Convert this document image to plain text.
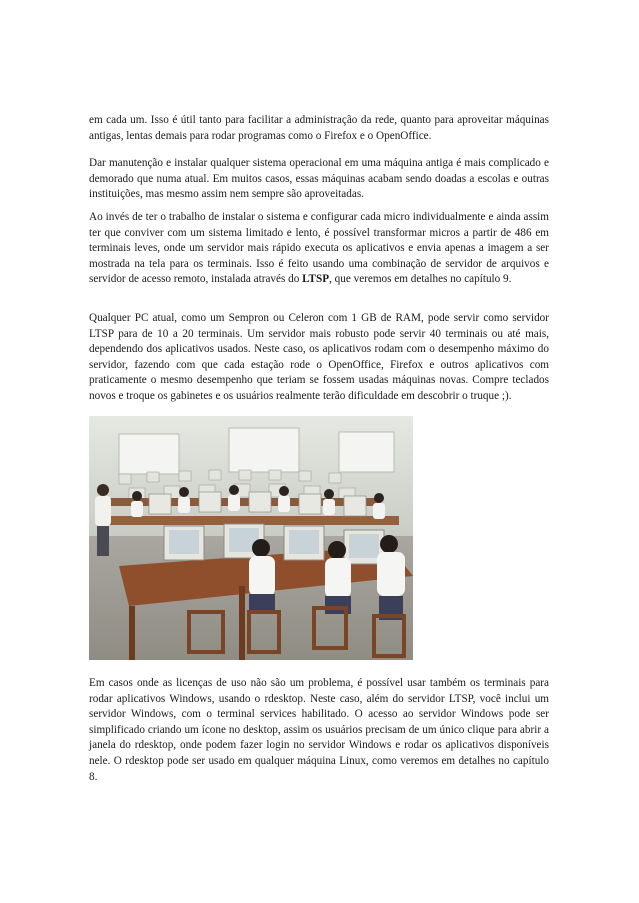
em cada um. Isso é útil tanto para facilitar a administração da rede, quanto para aproveitar máquinas antigas, lentas demais para rodar programas como o Firefox e o OpenOffice.

Dar manutenção e instalar qualquer sistema operacional em uma máquina antiga é mais complicado e demorado que numa atual. Em muitos casos, essas máquinas acabam sendo doadas a escolas e outras instituições, mas mesmo assim nem sempre são aproveitadas.

Ao invés de ter o trabalho de instalar o sistema e configurar cada micro individualmente e ainda assim ter que conviver com um sistema limitado e lento, é possível transformar micros a partir de 486 em terminais leves, onde um servidor mais rápido executa os aplicativos e envia apenas a imagem a ser mostrada na tela para os terminais. Isso é feito usando uma combinação de servidor de arquivos e servidor de acesso remoto, instalada através do LTSP, que veremos em detalhes no capítulo 9.

Qualquer PC atual, como um Sempron ou Celeron com 1 GB de RAM, pode servir como servidor LTSP para de 10 a 20 terminais. Um servidor mais robusto pode servir 40 terminais ou até mais, dependendo dos aplicativos usados. Neste caso, os aplicativos rodam com o desempenho máximo do servidor, fazendo com que cada estação rode o OpenOffice, Firefox e outros aplicativos com praticamente o mesmo desempenho que teriam se fossem usadas máquinas novas. Compre teclados novos e troque os gabinetes e os usuários realmente terão dificuldade em descobrir o truque ;).

Em casos onde as licenças de uso não são um problema, é possível usar também os terminais para rodar aplicativos Windows, usando o rdesktop. Neste caso, além do servidor LTSP, você inclui um servidor Windows, com o terminal services habilitado. O acesso ao servidor Windows pode ser simplificado criando um ícone no desktop, assim os usuários precisam de um único clique para abrir a janela do rdesktop, onde podem fazer login no servidor Windows e rodar os aplicativos disponíveis nele. O rdesktop pode ser usado em qualquer máquina Linux, como veremos em detalhes no capítulo 8.
